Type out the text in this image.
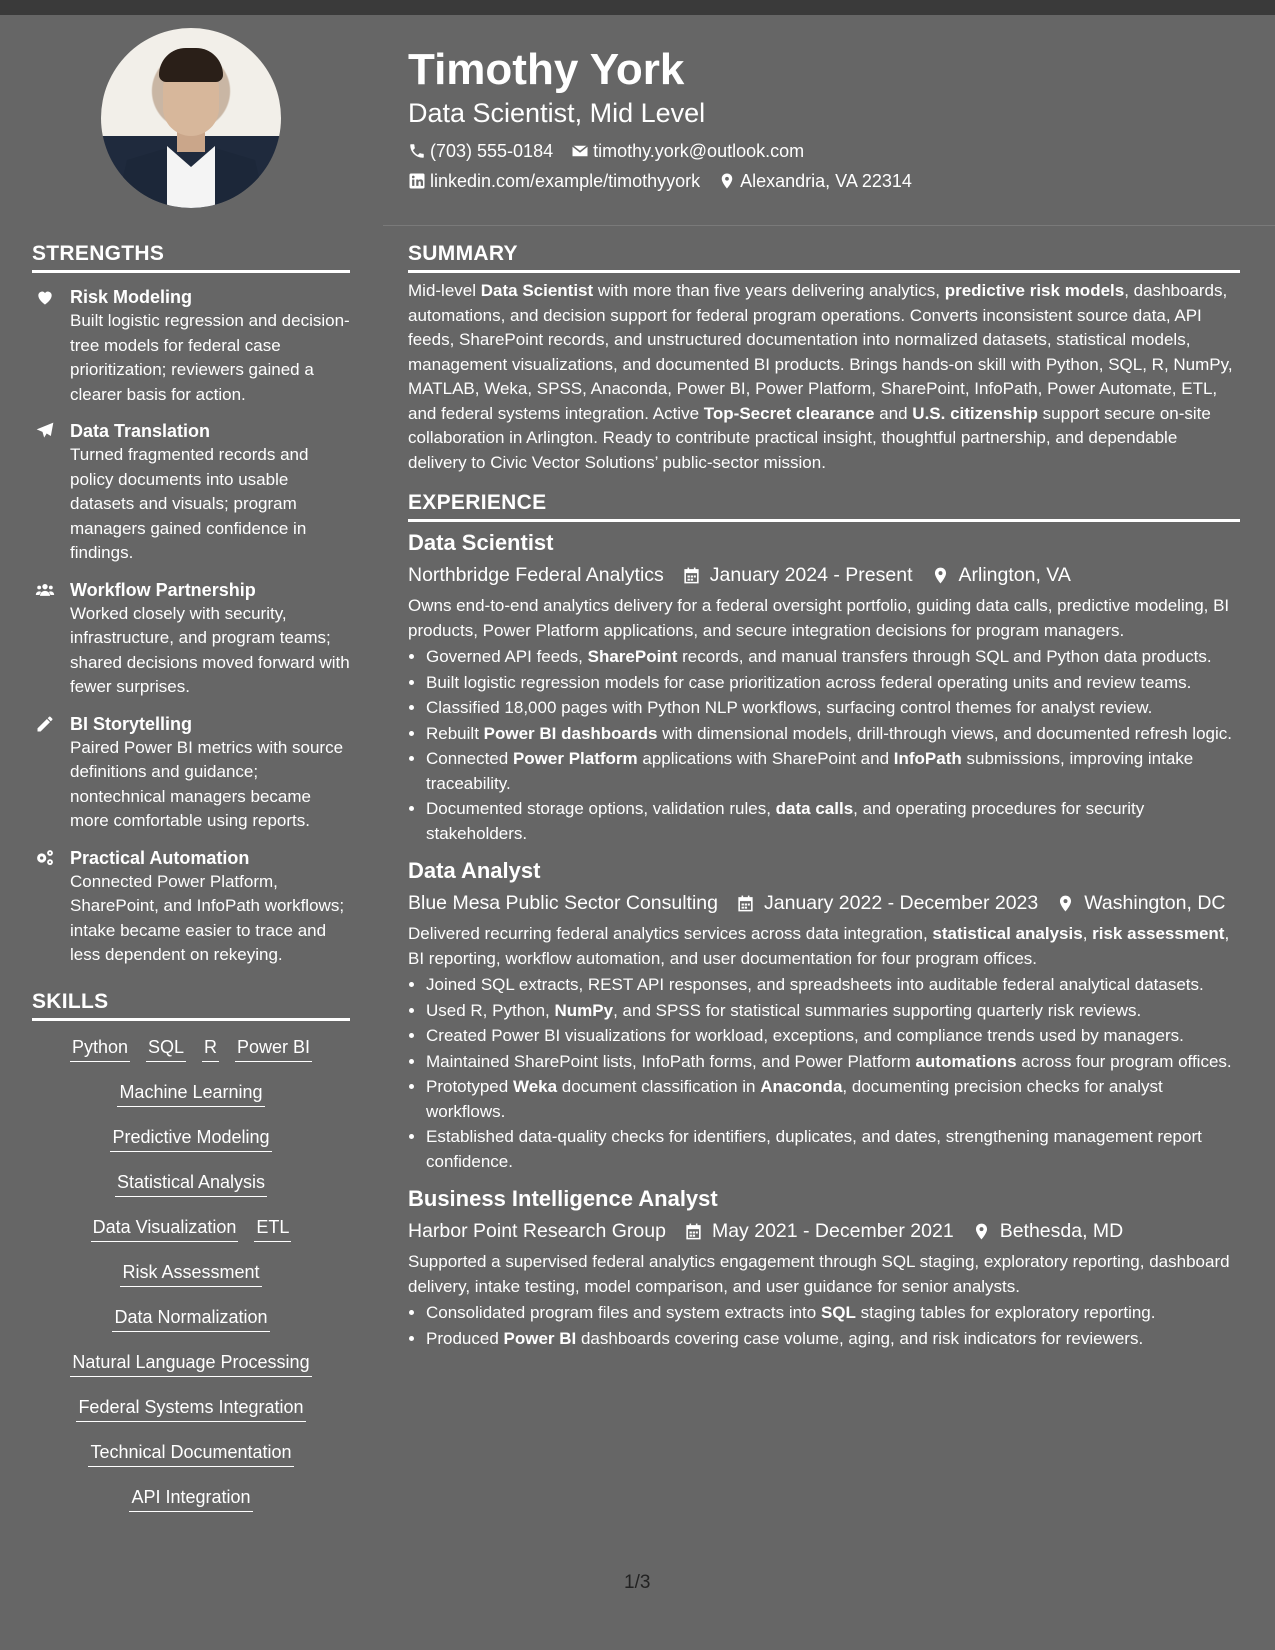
Timothy York
Data Scientist, Mid Level
(703) 555-0184 timothy.york@outlook.com
linkedin.com/example/timothyyork Alexandria, VA 22314
STRENGTHS
Risk Modeling
Built logistic regression and decision-tree models for federal case prioritization; reviewers gained a clearer basis for action.
Data Translation
Turned fragmented records and policy documents into usable datasets and visuals; program managers gained confidence in findings.
Workflow Partnership
Worked closely with security, infrastructure, and program teams; shared decisions moved forward with fewer surprises.
BI Storytelling
Paired Power BI metrics with source definitions and guidance; nontechnical managers became more comfortable using reports.
Practical Automation
Connected Power Platform, SharePoint, and InfoPath workflows; intake became easier to trace and less dependent on rekeying.
SKILLS
Python SQL R Power BI
Machine Learning
Predictive Modeling
Statistical Analysis
Data Visualization ETL
Risk Assessment
Data Normalization
Natural Language Processing
Federal Systems Integration
Technical Documentation
API Integration
SUMMARY

Mid-level Data Scientist with more than five years delivering analytics, predictive risk models, dashboards, automations, and decision support for federal program operations. Converts inconsistent source data, API feeds, SharePoint records, and unstructured documentation into normalized datasets, statistical models, management visualizations, and documented BI products. Brings hands-on skill with Python, SQL, R, NumPy, MATLAB, Weka, SPSS, Anaconda, Power BI, Power Platform, SharePoint, InfoPath, Power Automate, ETL, and federal systems integration. Active Top-Secret clearance and U.S. citizenship support secure on-site collaboration in Arlington. Ready to contribute practical insight, thoughtful partnership, and dependable delivery to Civic Vector Solutions’ public-sector mission.

EXPERIENCE
Data Scientist
Northbridge Federal Analytics January 2024 - Present Arlington, VA

Owns end-to-end analytics delivery for a federal oversight portfolio, guiding data calls, predictive modeling, BI products, Power Platform applications, and secure integration decisions for program managers.

• Governed API feeds, SharePoint records, and manual transfers through SQL and Python data products.
• Built logistic regression models for case prioritization across federal operating units and review teams.
• Classified 18,000 pages with Python NLP workflows, surfacing control themes for analyst review.
• Rebuilt Power BI dashboards with dimensional models, drill-through views, and documented refresh logic.
• Connected Power Platform applications with SharePoint and InfoPath submissions, improving intake traceability.
• Documented storage options, validation rules, data calls, and operating procedures for security stakeholders.
Data Analyst
Blue Mesa Public Sector Consulting January 2022 - December 2023 Washington, DC

Delivered recurring federal analytics services across data integration, statistical analysis, risk assessment, BI reporting, workflow automation, and user documentation for four program offices.

• Joined SQL extracts, REST API responses, and spreadsheets into auditable federal analytical datasets.
• Used R, Python, NumPy, and SPSS for statistical summaries supporting quarterly risk reviews.
• Created Power BI visualizations for workload, exceptions, and compliance trends used by managers.
• Maintained SharePoint lists, InfoPath forms, and Power Platform automations across four program offices.
• Prototyped Weka document classification in Anaconda, documenting precision checks for analyst workflows.
• Established data-quality checks for identifiers, duplicates, and dates, strengthening management report confidence.
Business Intelligence Analyst
Harbor Point Research Group May 2021 - December 2021 Bethesda, MD

Supported a supervised federal analytics engagement through SQL staging, exploratory reporting, dashboard delivery, intake testing, model comparison, and user guidance for senior analysts.

• Consolidated program files and system extracts into SQL staging tables for exploratory reporting.
• Produced Power BI dashboards covering case volume, aging, and risk indicators for reviewers.
1/3
